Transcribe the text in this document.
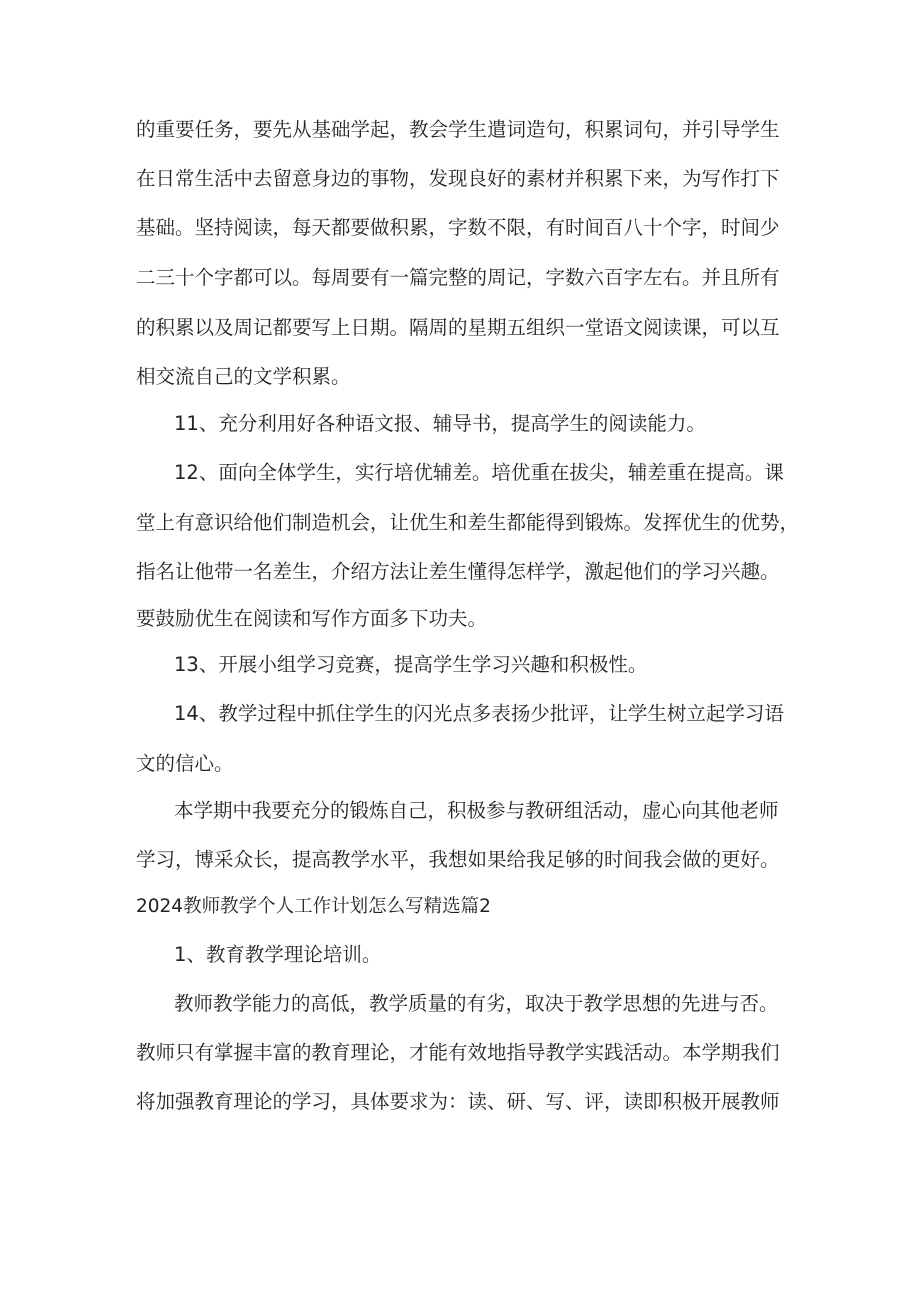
的重要任务，要先从基础学起，教会学生遣词造句，积累词句，并引导学生

在日常生活中去留意身边的事物，发现良好的素材并积累下来，为写作打下

基础。坚持阅读，每天都要做积累，字数不限，有时间百八十个字，时间少

二三十个字都可以。每周要有一篇完整的周记，字数六百字左右。并且所有

的积累以及周记都要写上日期。隔周的星期五组织一堂语文阅读课，可以互

相交流自己的文学积累。

11、充分利用好各种语文报、辅导书，提高学生的阅读能力。

12、面向全体学生，实行培优辅差。培优重在拔尖，辅差重在提高。课

堂上有意识给他们制造机会，让优生和差生都能得到锻炼。发挥优生的优势，

指名让他带一名差生，介绍方法让差生懂得怎样学，激起他们的学习兴趣。

要鼓励优生在阅读和写作方面多下功夫。

13、开展小组学习竞赛，提高学生学习兴趣和积极性。

14、教学过程中抓住学生的闪光点多表扬少批评，让学生树立起学习语

文的信心。

本学期中我要充分的锻炼自己，积极参与教研组活动，虚心向其他老师

学习，博采众长，提高教学水平，我想如果给我足够的时间我会做的更好。

2024教师教学个人工作计划怎么写精选篇2

1、教育教学理论培训。

教师教学能力的高低，教学质量的有劣，取决于教学思想的先进与否。

教师只有掌握丰富的教育理论，才能有效地指导教学实践活动。本学期我们

将加强教育理论的学习，具体要求为：读、研、写、评，读即积极开展教师
